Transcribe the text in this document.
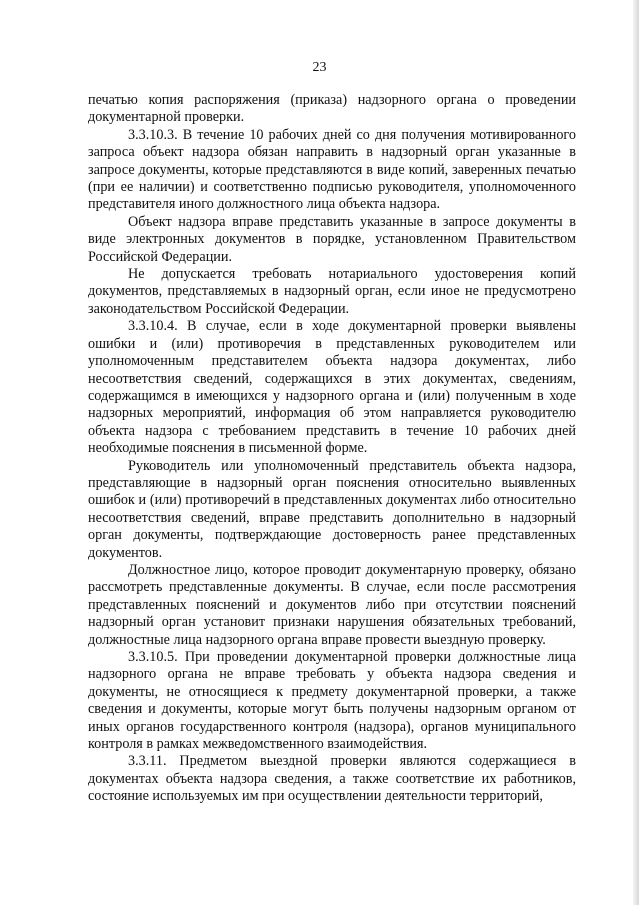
23

печатью копия распоряжения (приказа) надзорного органа о проведении документарной проверки.

3.3.10.3. В течение 10 рабочих дней со дня получения мотивированного запроса объект надзора обязан направить в надзорный орган указанные в запросе документы, которые представляются в виде копий, заверенных печатью (при ее наличии) и соответственно подписью руководителя, уполномоченного представителя иного должностного лица объекта надзора.

Объект надзора вправе представить указанные в запросе документы в виде электронных документов в порядке, установленном Правительством Российской Федерации.

Не допускается требовать нотариального удостоверения копий документов, представляемых в надзорный орган, если иное не предусмотрено законодательством Российской Федерации.

3.3.10.4. В случае, если в ходе документарной проверки выявлены ошибки и (или) противоречия в представленных руководителем или уполномоченным представителем объекта надзора документах, либо несоответствия сведений, содержащихся в этих документах, сведениям, содержащимся в имеющихся у надзорного органа и (или) полученным в ходе надзорных мероприятий, информация об этом направляется руководителю объекта надзора с требованием представить в течение 10 рабочих дней необходимые пояснения в письменной форме.

Руководитель или уполномоченный представитель объекта надзора, представляющие в надзорный орган пояснения относительно выявленных ошибок и (или) противоречий в представленных документах либо относительно несоответствия сведений, вправе представить дополнительно в надзорный орган документы, подтверждающие достоверность ранее представленных документов.

Должностное лицо, которое проводит документарную проверку, обязано рассмотреть представленные документы. В случае, если после рассмотрения представленных пояснений и документов либо при отсутствии пояснений надзорный орган установит признаки нарушения обязательных требований, должностные лица надзорного органа вправе провести выездную проверку.

3.3.10.5. При проведении документарной проверки должностные лица надзорного органа не вправе требовать у объекта надзора сведения и документы, не относящиеся к предмету документарной проверки, а также сведения и документы, которые могут быть получены надзорным органом от иных органов государственного контроля (надзора), органов муниципального контроля в рамках межведомственного взаимодействия.

3.3.11. Предметом выездной проверки являются содержащиеся в документах объекта надзора сведения, а также соответствие их работников, состояние используемых им при осуществлении деятельности территорий,
